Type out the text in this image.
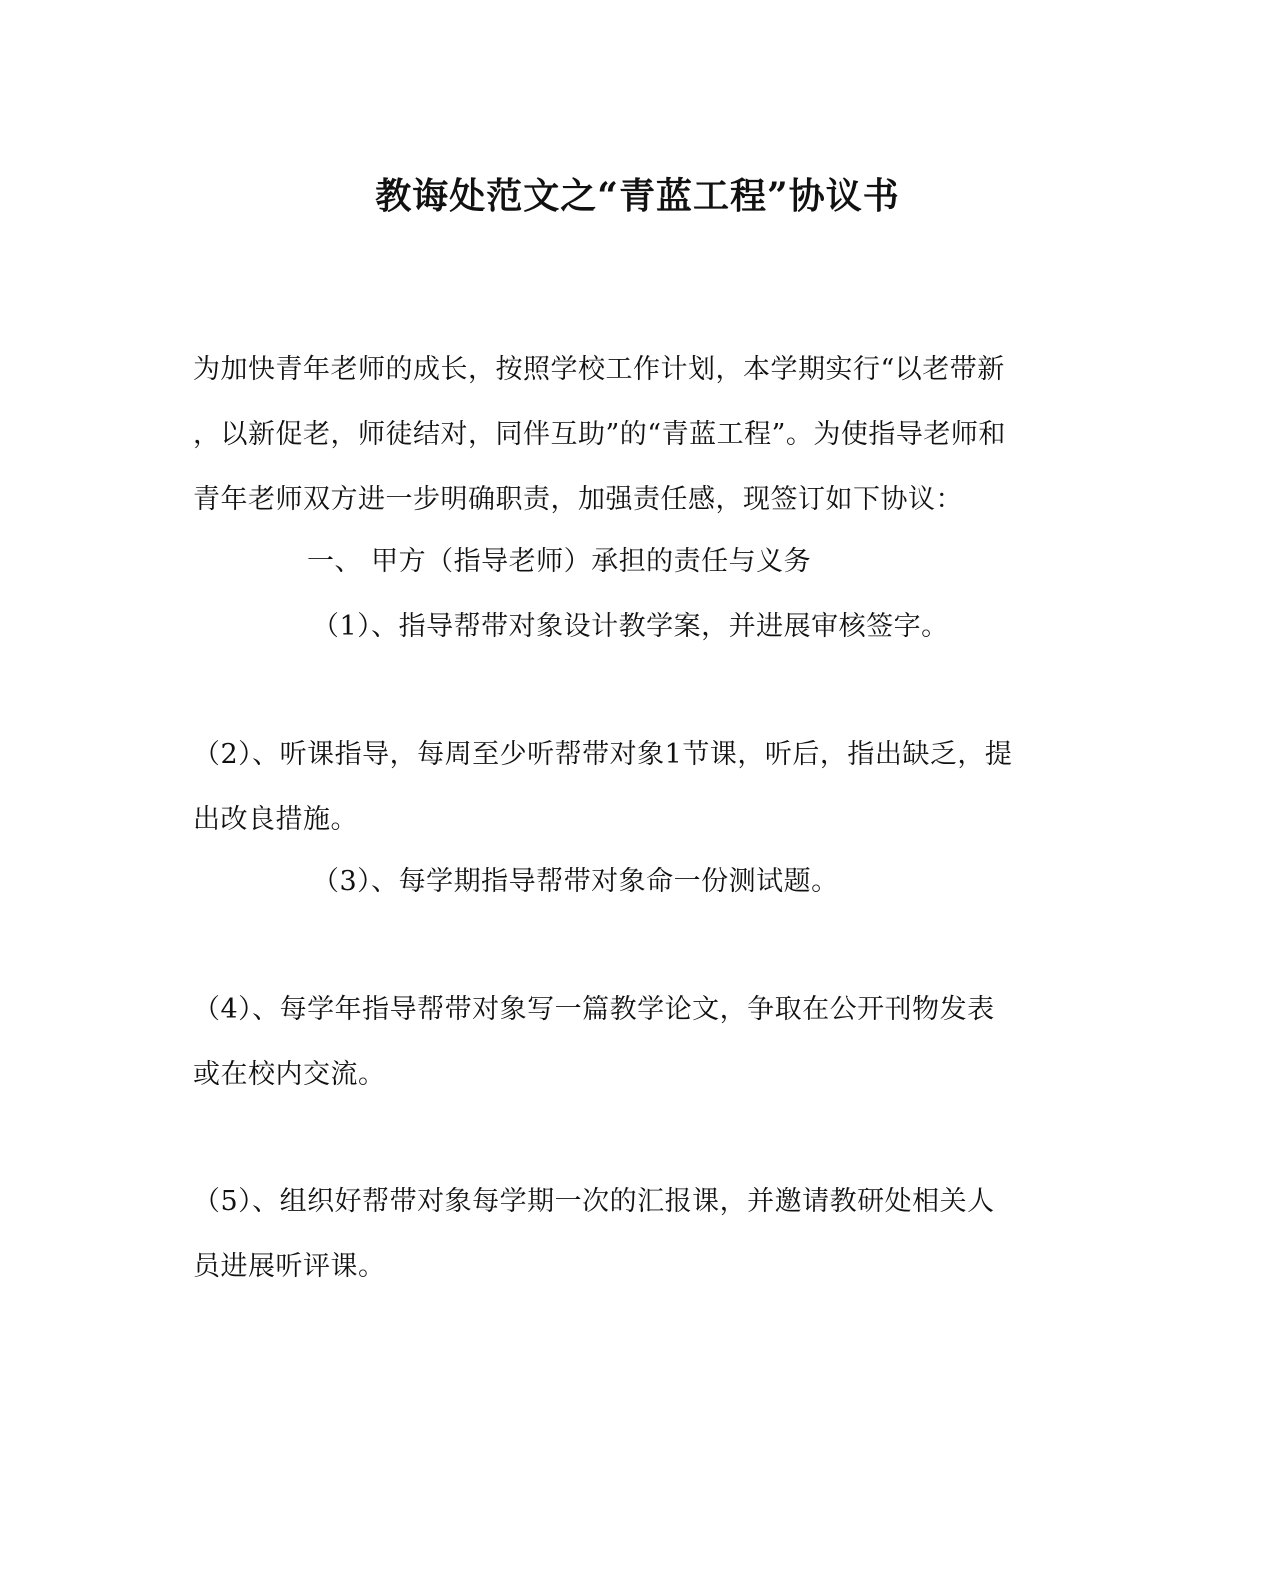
教诲处范文之“青蓝工程”协议书
为加快青年老师的成长，按照学校工作计划，本学期实行“以老带新
，以新促老，师徒结对，同伴互助”的“青蓝工程”。为使指导老师和
青年老师双方进一步明确职责，加强责任感，现签订如下协议：
一、 甲方（指导老师）承担的责任与义务
（1）、指导帮带对象设计教学案，并进展审核签字。
（2）、听课指导，每周至少听帮带对象1节课，听后，指出缺乏，提
出改良措施。
（3）、每学期指导帮带对象命一份测试题。
（4）、每学年指导帮带对象写一篇教学论文，争取在公开刊物发表
或在校内交流。
（5）、组织好帮带对象每学期一次的汇报课，并邀请教研处相关人
员进展听评课。
